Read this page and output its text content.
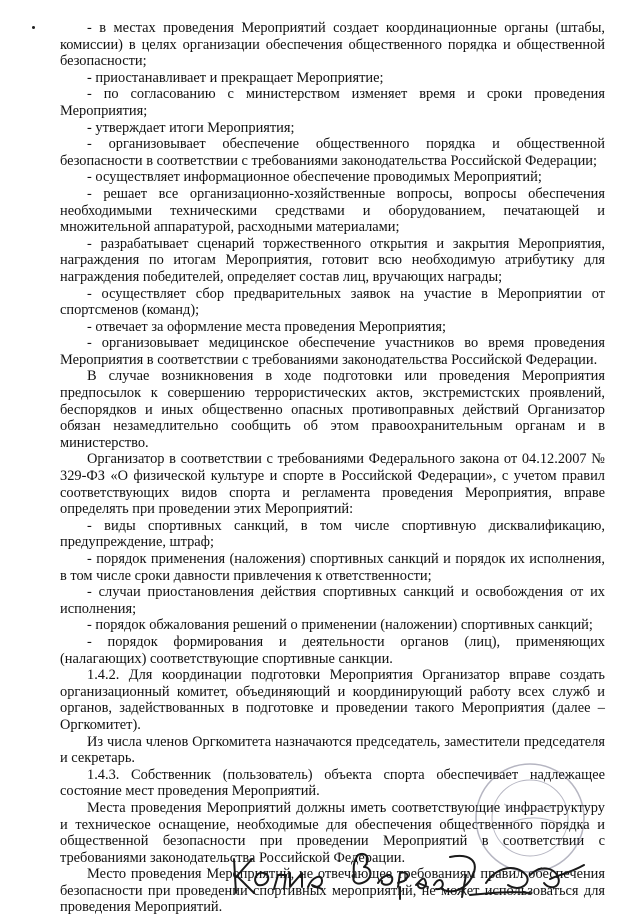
- в местах проведения Мероприятий создает координационные органы (штабы, комиссии) в целях организации обеспечения общественного порядка и общественной безопасности;

- приостанавливает и прекращает Мероприятие;

- по согласованию с министерством изменяет время и сроки проведения Мероприятия;

- утверждает итоги Мероприятия;

- организовывает обеспечение общественного порядка и общественной безопасности в соответствии с требованиями законодательства Российской Федерации;

- осуществляет информационное обеспечение проводимых Мероприятий;

- решает все организационно-хозяйственные вопросы, вопросы обеспечения необходимыми техническими средствами и оборудованием, печатающей и множительной аппаратурой, расходными материалами;

- разрабатывает сценарий торжественного открытия и закрытия Мероприятия, награждения по итогам Мероприятия, готовит всю необходимую атрибутику для награждения победителей, определяет состав лиц, вручающих награды;

- осуществляет сбор предварительных заявок на участие в Мероприятии от спортсменов (команд);

- отвечает за оформление места проведения Мероприятия;

- организовывает медицинское обеспечение участников во время проведения Мероприятия в соответствии с требованиями законодательства Российской Федерации.

В случае возникновения в ходе подготовки или проведения Мероприятия предпосылок к совершению террористических актов, экстремистских проявлений, беспорядков и иных общественно опасных противоправных действий Организатор обязан незамедлительно сообщить об этом правоохранительным органам и в министерство.

Организатор в соответствии с требованиями Федерального закона от 04.12.2007 № 329-ФЗ «О физической культуре и спорте в Российской Федерации», с учетом правил соответствующих видов спорта и регламента проведения Мероприятия, вправе определять при проведении этих Мероприятий:

- виды спортивных санкций, в том числе спортивную дисквалификацию, предупреждение, штраф;

- порядок применения (наложения) спортивных санкций и порядок их исполнения, в том числе сроки давности привлечения к ответственности;

- случаи приостановления действия спортивных санкций и освобождения от их исполнения;

- порядок обжалования решений о применении (наложении) спортивных санкций;

- порядок формирования и деятельности органов (лиц), применяющих (налагающих) соответствующие спортивные санкции.

1.4.2. Для координации подготовки Мероприятия Организатор вправе создать организационный комитет, объединяющий и координирующий работу всех служб и органов, задействованных в подготовке и проведении такого Мероприятия (далее – Оргкомитет).

Из числа членов Оргкомитета назначаются председатель, заместители председателя и секретарь.

1.4.3. Собственник (пользователь) объекта спорта обеспечивает надлежащее состояние мест проведения Мероприятий.

Места проведения Мероприятий должны иметь соответствующие инфраструктуру и техническое оснащение, необходимые для обеспечения общественного порядка и общественной безопасности при проведении Мероприятий в соответствии с требованиями законодательства Российской Федерации.

Место проведения Мероприятий, не отвечающее требованиям правил обеспечения безопасности при проведении спортивных мероприятий, не может использоваться для проведения Мероприятий.
